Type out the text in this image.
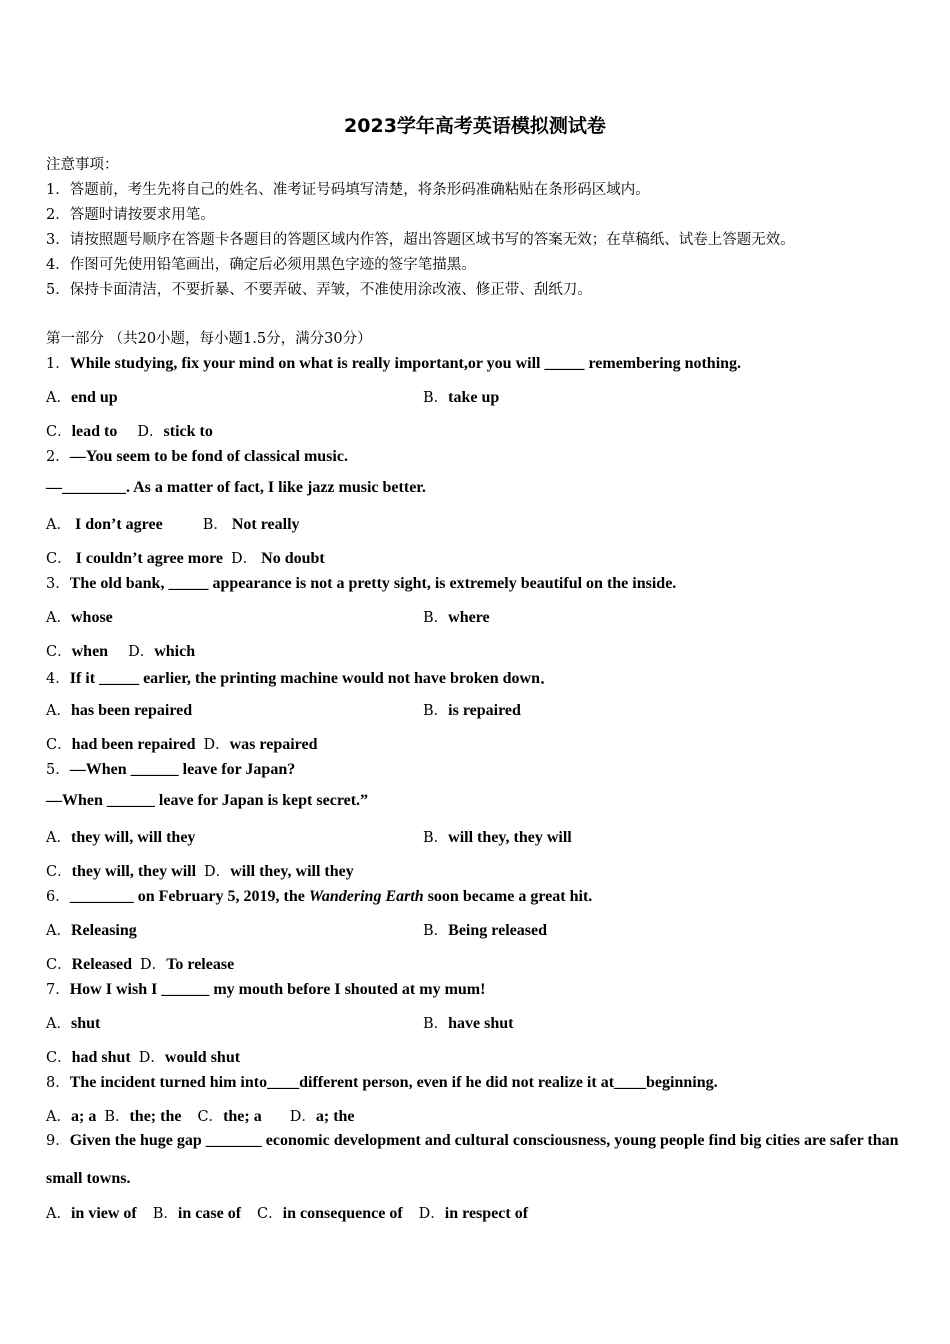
2023学年高考英语模拟测试卷
注意事项：
1．答题前，考生先将自己的姓名、准考证号码填写清楚，将条形码准确粘贴在条形码区域内。
2．答题时请按要求用笔。
3．请按照题号顺序在答题卡各题目的答题区域内作答，超出答题区域书写的答案无效；在草稿纸、试卷上答题无效。
4．作图可先使用铅笔画出，确定后必须用黑色字迹的签字笔描黑。
5．保持卡面清洁，不要折暴、不要弄破、弄皱，不准使用涂改液、修正带、刮纸刀。
第一部分 （共20小题，每小题1.5分，满分30分）
1．While studying, fix your mind on what is really important,or you will _____ remembering nothing.
A．end up	B．take up
C．lead to D．stick to
2．—You seem to be fond of classical music.
—________. As a matter of fact, I like jazz music better.
A． I don’t agree	B． Not really
C． I couldn’t agree more D． No doubt
3．The old bank, _____ appearance is not a pretty sight, is extremely beautiful on the inside.
A．whose	B．where
C．when D．which
4．If it _____ earlier, the printing machine would not have broken down．
A．has been repaired	B．is repaired
C．had been repaired D．was repaired
5．—When ______ leave for Japan?
—When ______ leave for Japan is kept secret.”
A．they will, will they	B．will they, they will
C．they will, they will D．will they, will they
6．________ on February 5, 2019, the Wandering Earth soon became a great hit.
A．Releasing	B．Being released
C．Released D．To release
7．How I wish I ______ my mouth before I shouted at my mum!
A．shut	B．have shut
C．had shut D．would shut
8．The incident turned him into____different person, even if he did not realize it at____beginning.
A．a; a B．the; the C．the; a D．a; the
9．Given the huge gap _______ economic development and cultural consciousness, young people find big cities are safer than small towns.
A．in view of B．in case of C．in consequence of D．in respect of
